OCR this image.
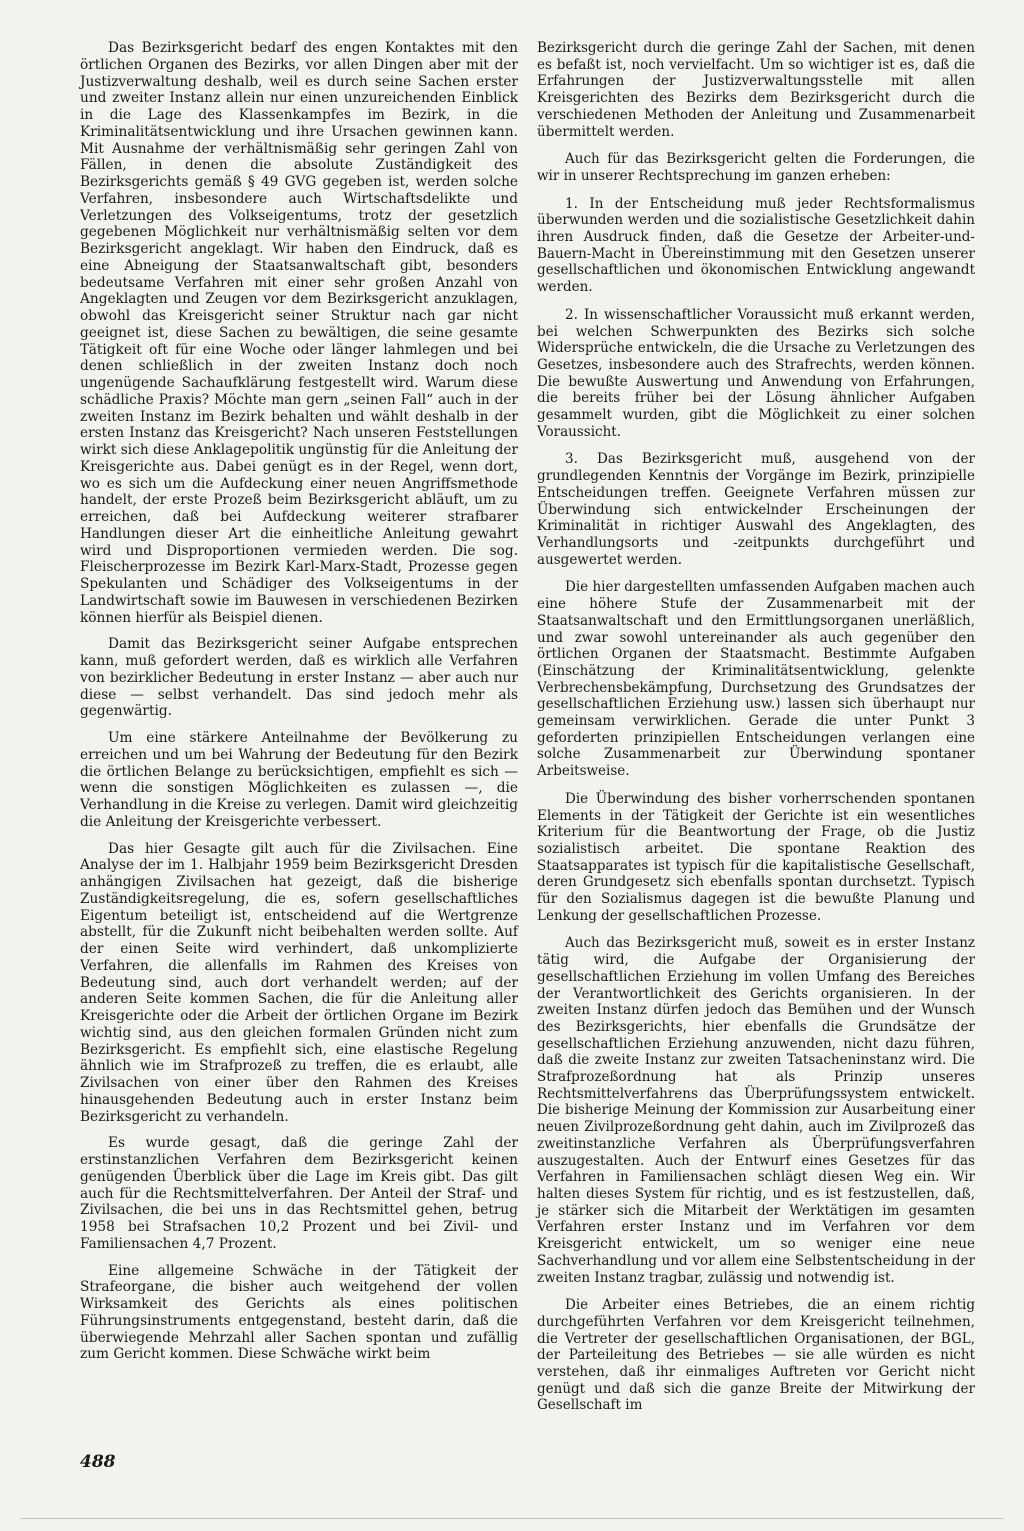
Das Bezirksgericht bedarf des engen Kontaktes mit den örtlichen Organen des Bezirks, vor allen Dingen aber mit der Justizverwaltung deshalb, weil es durch seine Sachen erster und zweiter Instanz allein nur einen unzureichenden Einblick in die Lage des Klassenkampfes im Bezirk, in die Kriminalitätsentwicklung und ihre Ursachen gewinnen kann. Mit Ausnahme der verhältnismäßig sehr geringen Zahl von Fällen, in denen die absolute Zuständigkeit des Bezirksgerichts gemäß § 49 GVG gegeben ist, werden solche Verfahren, insbesondere auch Wirtschaftsdelikte und Verletzungen des Volkseigentums, trotz der gesetzlich gegebenen Möglichkeit nur verhältnismäßig selten vor dem Bezirksgericht angeklagt. Wir haben den Eindruck, daß es eine Abneigung der Staatsanwaltschaft gibt, besonders bedeutsame Verfahren mit einer sehr großen Anzahl von Angeklagten und Zeugen vor dem Bezirksgericht anzuklagen, obwohl das Kreisgericht seiner Struktur nach gar nicht geeignet ist, diese Sachen zu bewältigen, die seine gesamte Tätigkeit oft für eine Woche oder länger lahmlegen und bei denen schließlich in der zweiten Instanz doch noch ungenügende Sachaufklärung festgestellt wird. Warum diese schädliche Praxis? Möchte man gern „seinen Fall“ auch in der zweiten Instanz im Bezirk behalten und wählt deshalb in der ersten Instanz das Kreisgericht? Nach unseren Feststellungen wirkt sich diese Anklagepolitik ungünstig für die Anleitung der Kreisgerichte aus. Dabei genügt es in der Regel, wenn dort, wo es sich um die Aufdeckung einer neuen Angriffsmethode handelt, der erste Prozeß beim Bezirksgericht abläuft, um zu erreichen, daß bei Aufdeckung weiterer strafbarer Handlungen dieser Art die einheitliche Anleitung gewahrt wird und Disproportionen vermieden werden. Die sog. Fleischerprozesse im Bezirk Karl-Marx-Stadt, Prozesse gegen Spekulanten und Schädiger des Volkseigentums in der Landwirtschaft sowie im Bauwesen in verschiedenen Bezirken können hierfür als Beispiel dienen.

Damit das Bezirksgericht seiner Aufgabe entsprechen kann, muß gefordert werden, daß es wirklich alle Verfahren von bezirklicher Bedeutung in erster Instanz — aber auch nur diese — selbst verhandelt. Das sind jedoch mehr als gegenwärtig.

Um eine stärkere Anteilnahme der Bevölkerung zu erreichen und um bei Wahrung der Bedeutung für den Bezirk die örtlichen Belange zu berücksichtigen, empfiehlt es sich — wenn die sonstigen Möglichkeiten es zulassen —, die Verhandlung in die Kreise zu verlegen. Damit wird gleichzeitig die Anleitung der Kreisgerichte verbessert.

Das hier Gesagte gilt auch für die Zivilsachen. Eine Analyse der im 1. Halbjahr 1959 beim Bezirksgericht Dresden anhängigen Zivilsachen hat gezeigt, daß die bisherige Zuständigkeitsregelung, die es, sofern gesellschaftliches Eigentum beteiligt ist, entscheidend auf die Wertgrenze abstellt, für die Zukunft nicht beibehalten werden sollte. Auf der einen Seite wird verhindert, daß unkomplizierte Verfahren, die allenfalls im Rahmen des Kreises von Bedeutung sind, auch dort verhandelt werden; auf der anderen Seite kommen Sachen, die für die Anleitung aller Kreisgerichte oder die Arbeit der örtlichen Organe im Bezirk wichtig sind, aus den gleichen formalen Gründen nicht zum Bezirksgericht. Es empfiehlt sich, eine elastische Regelung ähnlich wie im Strafprozeß zu treffen, die es erlaubt, alle Zivilsachen von einer über den Rahmen des Kreises hinausgehenden Bedeutung auch in erster Instanz beim Bezirksgericht zu verhandeln.

Es wurde gesagt, daß die geringe Zahl der erstinstanzlichen Verfahren dem Bezirksgericht keinen genügenden Überblick über die Lage im Kreis gibt. Das gilt auch für die Rechtsmittelverfahren. Der Anteil der Straf- und Zivilsachen, die bei uns in das Rechtsmittel gehen, betrug 1958 bei Strafsachen 10,2 Prozent und bei Zivil- und Familiensachen 4,7 Prozent.

Eine allgemeine Schwäche in der Tätigkeit der Strafeorgane, die bisher auch weitgehend der vollen Wirksamkeit des Gerichts als eines politischen Führungsinstruments entgegenstand, besteht darin, daß die überwiegende Mehrzahl aller Sachen spontan und zufällig zum Gericht kommen. Diese Schwäche wirkt beim

Bezirksgericht durch die geringe Zahl der Sachen, mit denen es befaßt ist, noch vervielfacht. Um so wichtiger ist es, daß die Erfahrungen der Justizverwaltungsstelle mit allen Kreisgerichten des Bezirks dem Bezirksgericht durch die verschiedenen Methoden der Anleitung und Zusammenarbeit übermittelt werden.

Auch für das Bezirksgericht gelten die Forderungen, die wir in unserer Rechtsprechung im ganzen erheben:

1. In der Entscheidung muß jeder Rechtsformalismus überwunden werden und die sozialistische Gesetzlichkeit dahin ihren Ausdruck finden, daß die Gesetze der Arbeiter-und-Bauern-Macht in Übereinstimmung mit den Gesetzen unserer gesellschaftlichen und ökonomischen Entwicklung angewandt werden.

2. In wissenschaftlicher Voraussicht muß erkannt werden, bei welchen Schwerpunkten des Bezirks sich solche Widersprüche entwickeln, die die Ursache zu Verletzungen des Gesetzes, insbesondere auch des Strafrechts, werden können. Die bewußte Auswertung und Anwendung von Erfahrungen, die bereits früher bei der Lösung ähnlicher Aufgaben gesammelt wurden, gibt die Möglichkeit zu einer solchen Voraussicht.

3. Das Bezirksgericht muß, ausgehend von der grundlegenden Kenntnis der Vorgänge im Bezirk, prinzipielle Entscheidungen treffen. Geeignete Verfahren müssen zur Überwindung sich entwickelnder Erscheinungen der Kriminalität in richtiger Auswahl des Angeklagten, des Verhandlungsorts und -zeitpunkts durchgeführt und ausgewertet werden.

Die hier dargestellten umfassenden Aufgaben machen auch eine höhere Stufe der Zusammenarbeit mit der Staatsanwaltschaft und den Ermittlungsorganen unerläßlich, und zwar sowohl untereinander als auch gegenüber den örtlichen Organen der Staatsmacht. Bestimmte Aufgaben (Einschätzung der Kriminalitätsentwicklung, gelenkte Verbrechensbekämpfung, Durchsetzung des Grundsatzes der gesellschaftlichen Erziehung usw.) lassen sich überhaupt nur gemeinsam verwirklichen. Gerade die unter Punkt 3 geforderten prinzipiellen Entscheidungen verlangen eine solche Zusammenarbeit zur Überwindung spontaner Arbeitsweise.

Die Überwindung des bisher vorherrschenden spontanen Elements in der Tätigkeit der Gerichte ist ein wesentliches Kriterium für die Beantwortung der Frage, ob die Justiz sozialistisch arbeitet. Die spontane Reaktion des Staatsapparates ist typisch für die kapitalistische Gesellschaft, deren Grundgesetz sich ebenfalls spontan durchsetzt. Typisch für den Sozialismus dagegen ist die bewußte Planung und Lenkung der gesellschaftlichen Prozesse.

Auch das Bezirksgericht muß, soweit es in erster Instanz tätig wird, die Aufgabe der Organisierung der gesellschaftlichen Erziehung im vollen Umfang des Bereiches der Verantwortlichkeit des Gerichts organisieren. In der zweiten Instanz dürfen jedoch das Bemühen und der Wunsch des Bezirksgerichts, hier ebenfalls die Grundsätze der gesellschaftlichen Erziehung anzuwenden, nicht dazu führen, daß die zweite Instanz zur zweiten Tatsacheninstanz wird. Die Strafprozeßordnung hat als Prinzip unseres Rechtsmittelverfahrens das Überprüfungssystem entwickelt. Die bisherige Meinung der Kommission zur Ausarbeitung einer neuen Zivilprozeßordnung geht dahin, auch im Zivilprozeß das zweitinstanzliche Verfahren als Überprüfungsverfahren auszugestalten. Auch der Entwurf eines Gesetzes für das Verfahren in Familiensachen schlägt diesen Weg ein. Wir halten dieses System für richtig, und es ist festzustellen, daß, je stärker sich die Mitarbeit der Werktätigen im gesamten Verfahren erster Instanz und im Verfahren vor dem Kreisgericht entwickelt, um so weniger eine neue Sachverhandlung und vor allem eine Selbstentscheidung in der zweiten Instanz tragbar, zulässig und notwendig ist.

Die Arbeiter eines Betriebes, die an einem richtig durchgeführten Verfahren vor dem Kreisgericht teilnehmen, die Vertreter der gesellschaftlichen Organisationen, der BGL, der Parteileitung des Betriebes — sie alle würden es nicht verstehen, daß ihr einmaliges Auftreten vor Gericht nicht genügt und daß sich die ganze Breite der Mitwirkung der Gesellschaft im

488
